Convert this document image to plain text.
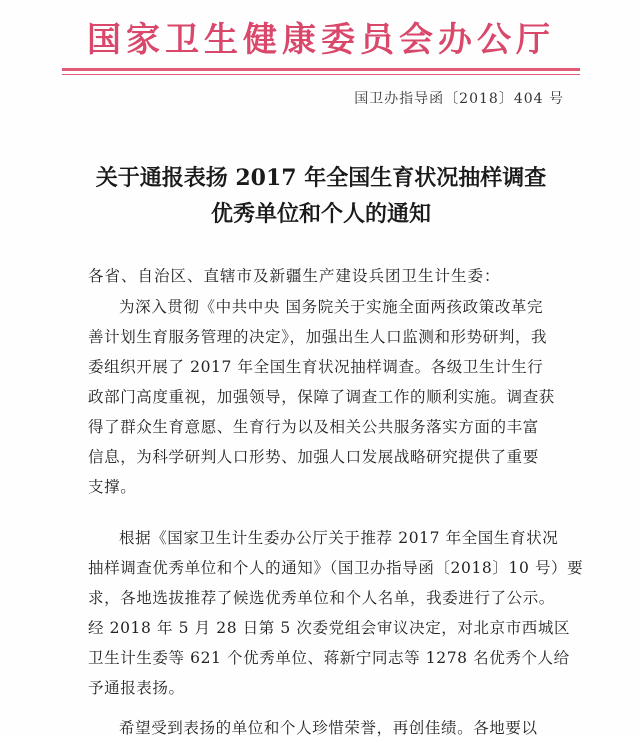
国家卫生健康委员会办公厅
国卫办指导函〔2018〕404 号
关于通报表扬 2017 年全国生育状况抽样调查
优秀单位和个人的通知
各省、自治区、直辖市及新疆生产建设兵团卫生计生委：
为深入贯彻《中共中央 国务院关于实施全面两孩政策改革完
善计划生育服务管理的决定》，加强出生人口监测和形势研判，我
委组织开展了 2017 年全国生育状况抽样调查。各级卫生计生行
政部门高度重视，加强领导，保障了调查工作的顺利实施。调查获
得了群众生育意愿、生育行为以及相关公共服务落实方面的丰富
信息，为科学研判人口形势、加强人口发展战略研究提供了重要
支撑。
根据《国家卫生计生委办公厅关于推荐 2017 年全国生育状况
抽样调查优秀单位和个人的通知》（国卫办指导函〔2018〕10 号）要
求，各地选拔推荐了候选优秀单位和个人名单，我委进行了公示。
经 2018 年 5 月 28 日第 5 次委党组会审议决定，对北京市西城区
卫生计生委等 621 个优秀单位、蒋新宁同志等 1278 名优秀个人给
予通报表扬。
希望受到表扬的单位和个人珍惜荣誉，再创佳绩。各地要以
